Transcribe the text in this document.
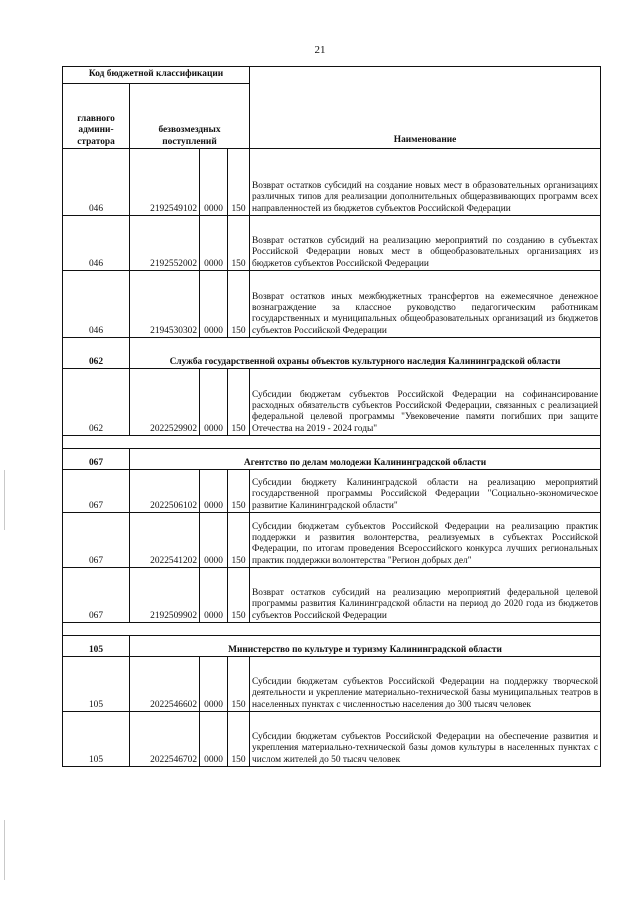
21
Код бюджетной классификации				Наименование
главного админи-стратора	безвозмездных поступлений			
046	2192549102	0000	150	Возврат остатков субсидий на создание новых мест в образовательных организациях различных типов для реализации дополнительных общеразвивающих программ всех направленностей из бюджетов субъектов Российской Федерации
046	2192552002	0000	150	Возврат остатков субсидий на реализацию мероприятий по созданию в субъектах Российской Федерации новых мест в общеобразовательных организациях из бюджетов субъектов Российской Федерации
046	2194530302	0000	150	Возврат остатков иных межбюджетных трансфертов на ежемесячное денежное вознаграждение за классное руководство педагогическим работникам государственных и муниципальных общеобразовательных организаций из бюджетов субъектов Российской Федерации
062	Служба государственной охраны объектов культурного наследия Калининградской области			
062	2022529902	0000	150	Субсидии бюджетам субъектов Российской Федерации на софинансирование расходных обязательств субъектов Российской Федерации, связанных с реализацией федеральной целевой программы "Увековечение памяти погибших при защите Отечества на 2019 - 2024 годы"

067	Агентство по делам молодежи Калининградской области			
067	2022506102	0000	150	Субсидии бюджету Калининградской области на реализацию мероприятий государственной программы Российской Федерации "Социально-экономическое развитие Калининградской области"
067	2022541202	0000	150	Субсидии бюджетам субъектов Российской Федерации на реализацию практик поддержки и развития волонтерства, реализуемых в субъектах Российской Федерации, по итогам проведения Всероссийского конкурса лучших региональных практик поддержки волонтерства "Регион добрых дел"
067	2192509902	0000	150	Возврат остатков субсидий на реализацию мероприятий федеральной целевой программы развития Калининградской области на период до 2020 года из бюджетов субъектов Российской Федерации

105	Министерство по культуре и туризму Калининградской области			
105	2022546602	0000	150	Субсидии бюджетам субъектов Российской Федерации на поддержку творческой деятельности и укрепление материально-технической базы муниципальных театров в населенных пунктах с численностью населения до 300 тысяч человек
105	2022546702	0000	150	Субсидии бюджетам субъектов Российской Федерации на обеспечение развития и укрепления материально-технической базы домов культуры в населенных пунктах с числом жителей до 50 тысяч человек
